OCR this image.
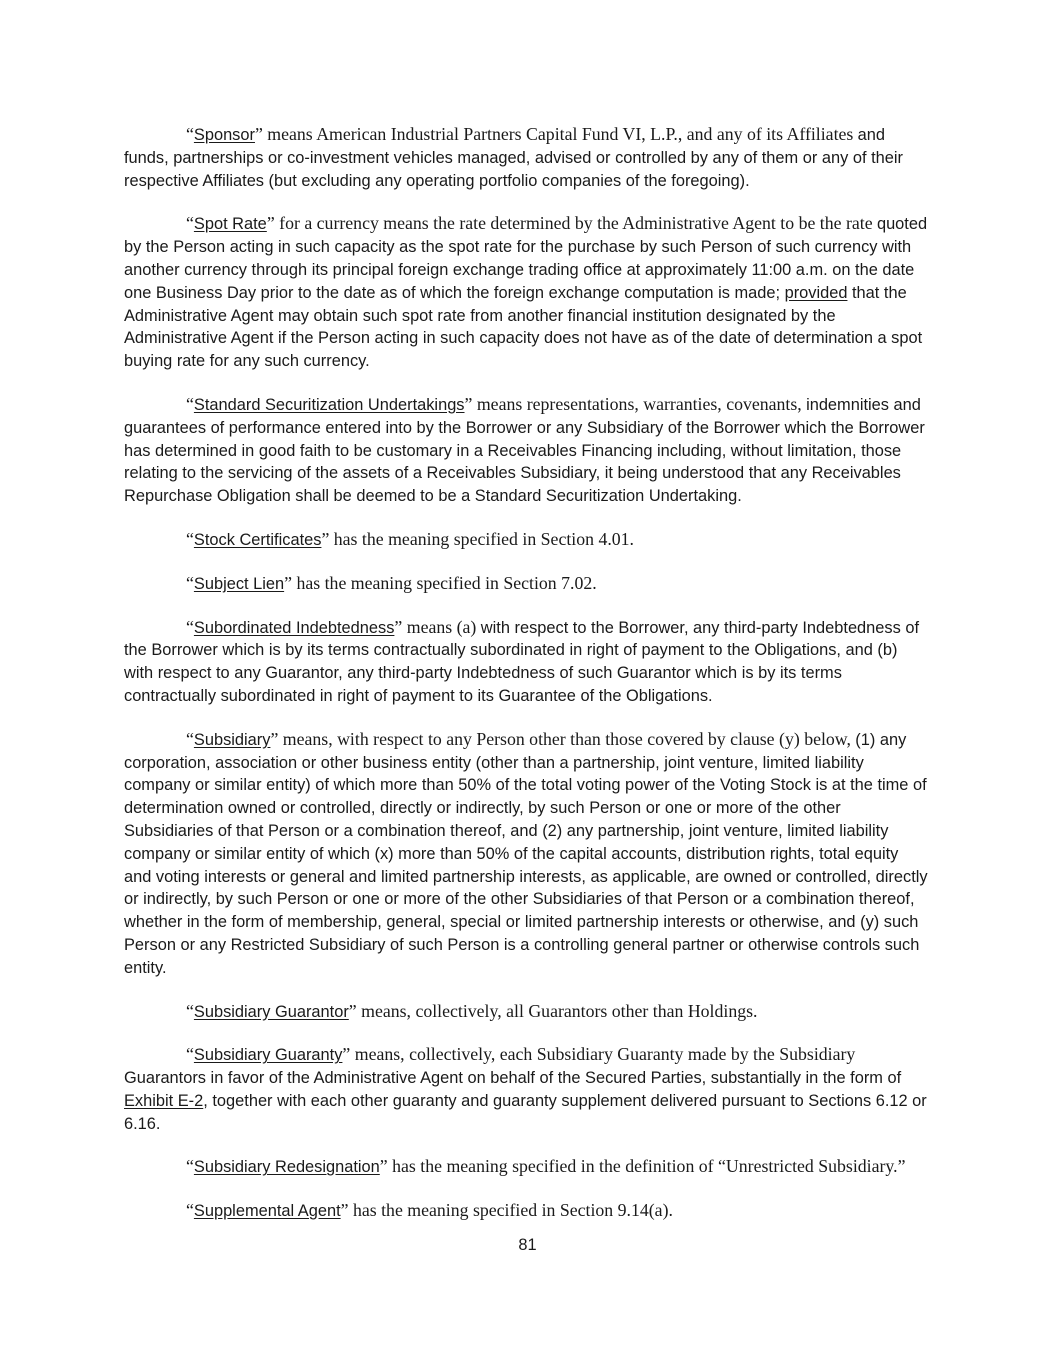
“Sponsor” means American Industrial Partners Capital Fund VI, L.P., and any of its Affiliates and funds, partnerships or co-investment vehicles managed, advised or controlled by any of them or any of their respective Affiliates (but excluding any operating portfolio companies of the foregoing).

“Spot Rate” for a currency means the rate determined by the Administrative Agent to be the rate quoted by the Person acting in such capacity as the spot rate for the purchase by such Person of such currency with another currency through its principal foreign exchange trading office at approximately 11:00 a.m. on the date one Business Day prior to the date as of which the foreign exchange computation is made; provided that the Administrative Agent may obtain such spot rate from another financial institution designated by the Administrative Agent if the Person acting in such capacity does not have as of the date of determination a spot buying rate for any such currency.

“Standard Securitization Undertakings” means representations, warranties, covenants, indemnities and guarantees of performance entered into by the Borrower or any Subsidiary of the Borrower which the Borrower has determined in good faith to be customary in a Receivables Financing including, without limitation, those relating to the servicing of the assets of a Receivables Subsidiary, it being understood that any Receivables Repurchase Obligation shall be deemed to be a Standard Securitization Undertaking.

“Stock Certificates” has the meaning specified in Section 4.01.

“Subject Lien” has the meaning specified in Section 7.02.

“Subordinated Indebtedness” means (a) with respect to the Borrower, any third-party Indebtedness of the Borrower which is by its terms contractually subordinated in right of payment to the Obligations, and (b) with respect to any Guarantor, any third-party Indebtedness of such Guarantor which is by its terms contractually subordinated in right of payment to its Guarantee of the Obligations.

“Subsidiary” means, with respect to any Person other than those covered by clause (y) below, (1) any corporation, association or other business entity (other than a partnership, joint venture, limited liability company or similar entity) of which more than 50% of the total voting power of the Voting Stock is at the time of determination owned or controlled, directly or indirectly, by such Person or one or more of the other Subsidiaries of that Person or a combination thereof, and (2) any partnership, joint venture, limited liability company or similar entity of which (x) more than 50% of the capital accounts, distribution rights, total equity and voting interests or general and limited partnership interests, as applicable, are owned or controlled, directly or indirectly, by such Person or one or more of the other Subsidiaries of that Person or a combination thereof, whether in the form of membership, general, special or limited partnership interests or otherwise, and (y) such Person or any Restricted Subsidiary of such Person is a controlling general partner or otherwise controls such entity.

“Subsidiary Guarantor” means, collectively, all Guarantors other than Holdings.

“Subsidiary Guaranty” means, collectively, each Subsidiary Guaranty made by the Subsidiary Guarantors in favor of the Administrative Agent on behalf of the Secured Parties, substantially in the form of Exhibit E-2, together with each other guaranty and guaranty supplement delivered pursuant to Sections 6.12 or 6.16.

“Subsidiary Redesignation” has the meaning specified in the definition of “Unrestricted Subsidiary.”

“Supplemental Agent” has the meaning specified in Section 9.14(a).

81
